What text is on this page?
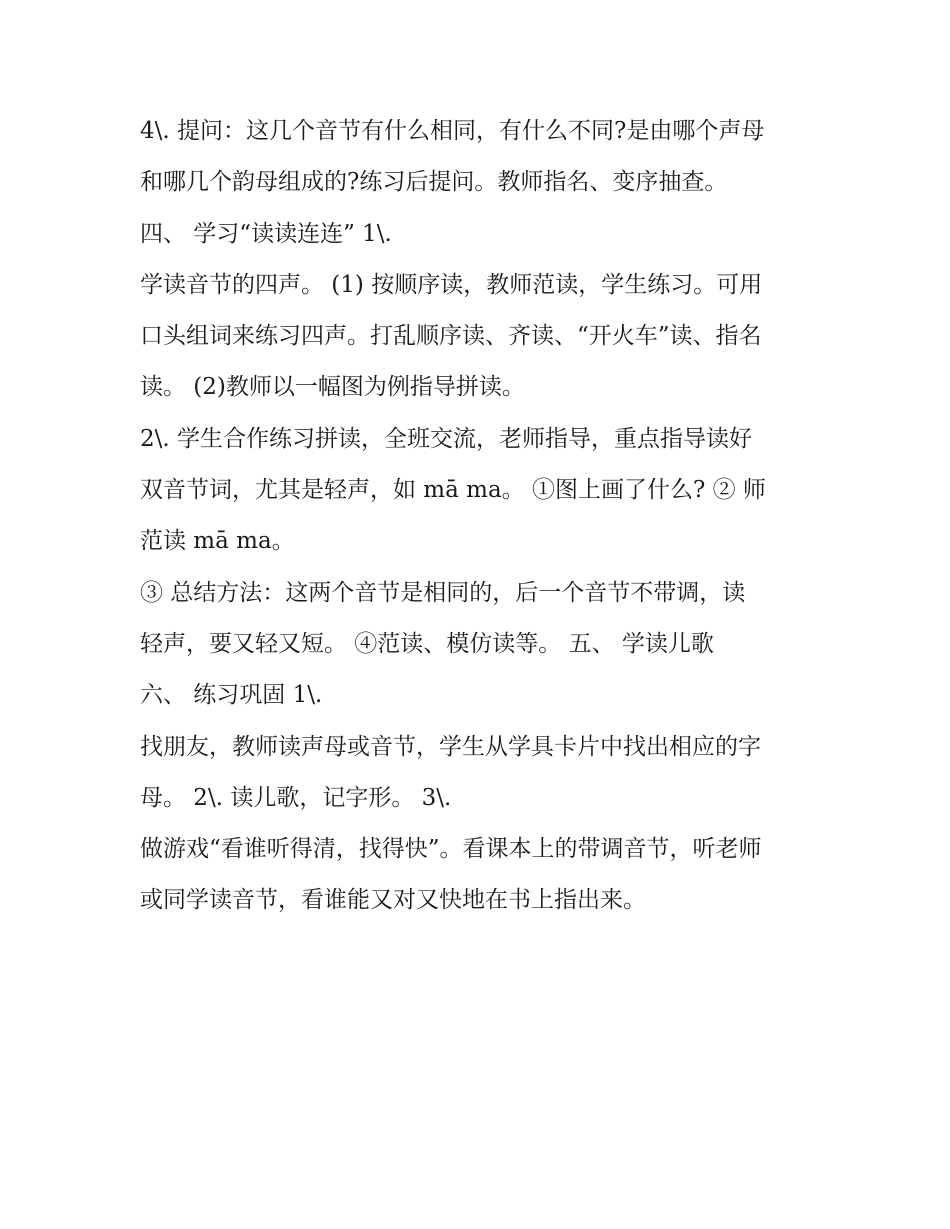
4\. 提问：这几个音节有什么相同，有什么不同?是由哪个声母
和哪几个韵母组成的?练习后提问。教师指名、变序抽查。
四、 学习“读读连连” 1\.
学读音节的四声。 (1) 按顺序读，教师范读，学生练习。可用
口头组词来练习四声。打乱顺序读、齐读、“开火车”读、指名
读。 (2)教师以一幅图为例指导拼读。
2\. 学生合作练习拼读，全班交流，老师指导，重点指导读好
双音节词，尤其是轻声，如 mā ma。 ①图上画了什么? ② 师
范读 mā ma。
③ 总结方法：这两个音节是相同的，后一个音节不带调，读
轻声，要又轻又短。 ④范读、模仿读等。 五、 学读儿歌
六、 练习巩固 1\.
找朋友，教师读声母或音节，学生从学具卡片中找出相应的字
母。 2\. 读儿歌，记字形。 3\.
做游戏“看谁听得清，找得快”。看课本上的带调音节，听老师
或同学读音节，看谁能又对又快地在书上指出来。
